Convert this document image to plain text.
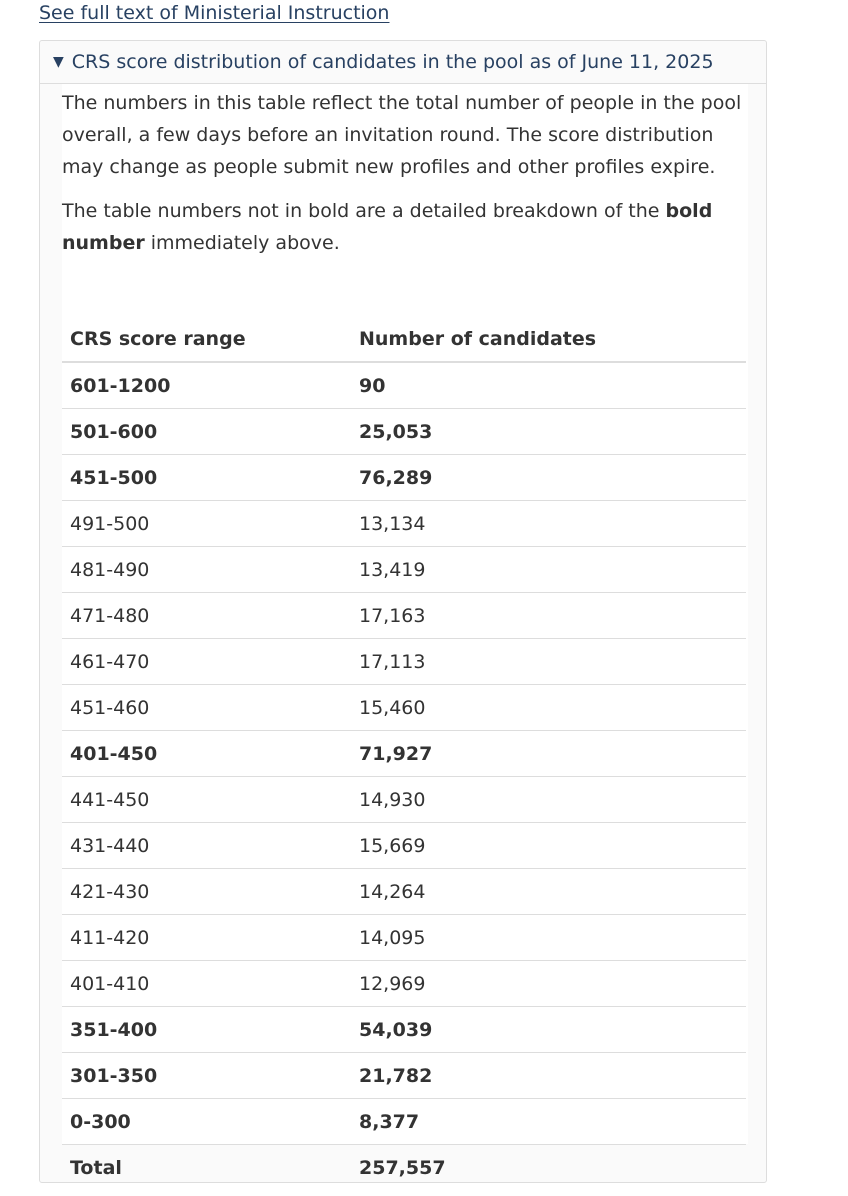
See full text of Ministerial Instruction
▼ CRS score distribution of candidates in the pool as of June 11, 2025

The numbers in this table reflect the total number of people in the pool overall, a few days before an invitation round. The score distribution may change as people submit new profiles and other profiles expire.

The table numbers not in bold are a detailed breakdown of the bold number immediately above.

CRS score range	Number of candidates
601-1200	90
501-600	25,053
451-500	76,289
491-500	13,134
481-490	13,419
471-480	17,163
461-470	17,113
451-460	15,460
401-450	71,927
441-450	14,930
431-440	15,669
421-430	14,264
411-420	14,095
401-410	12,969
351-400	54,039
301-350	21,782
0-300	8,377
Total	257,557
